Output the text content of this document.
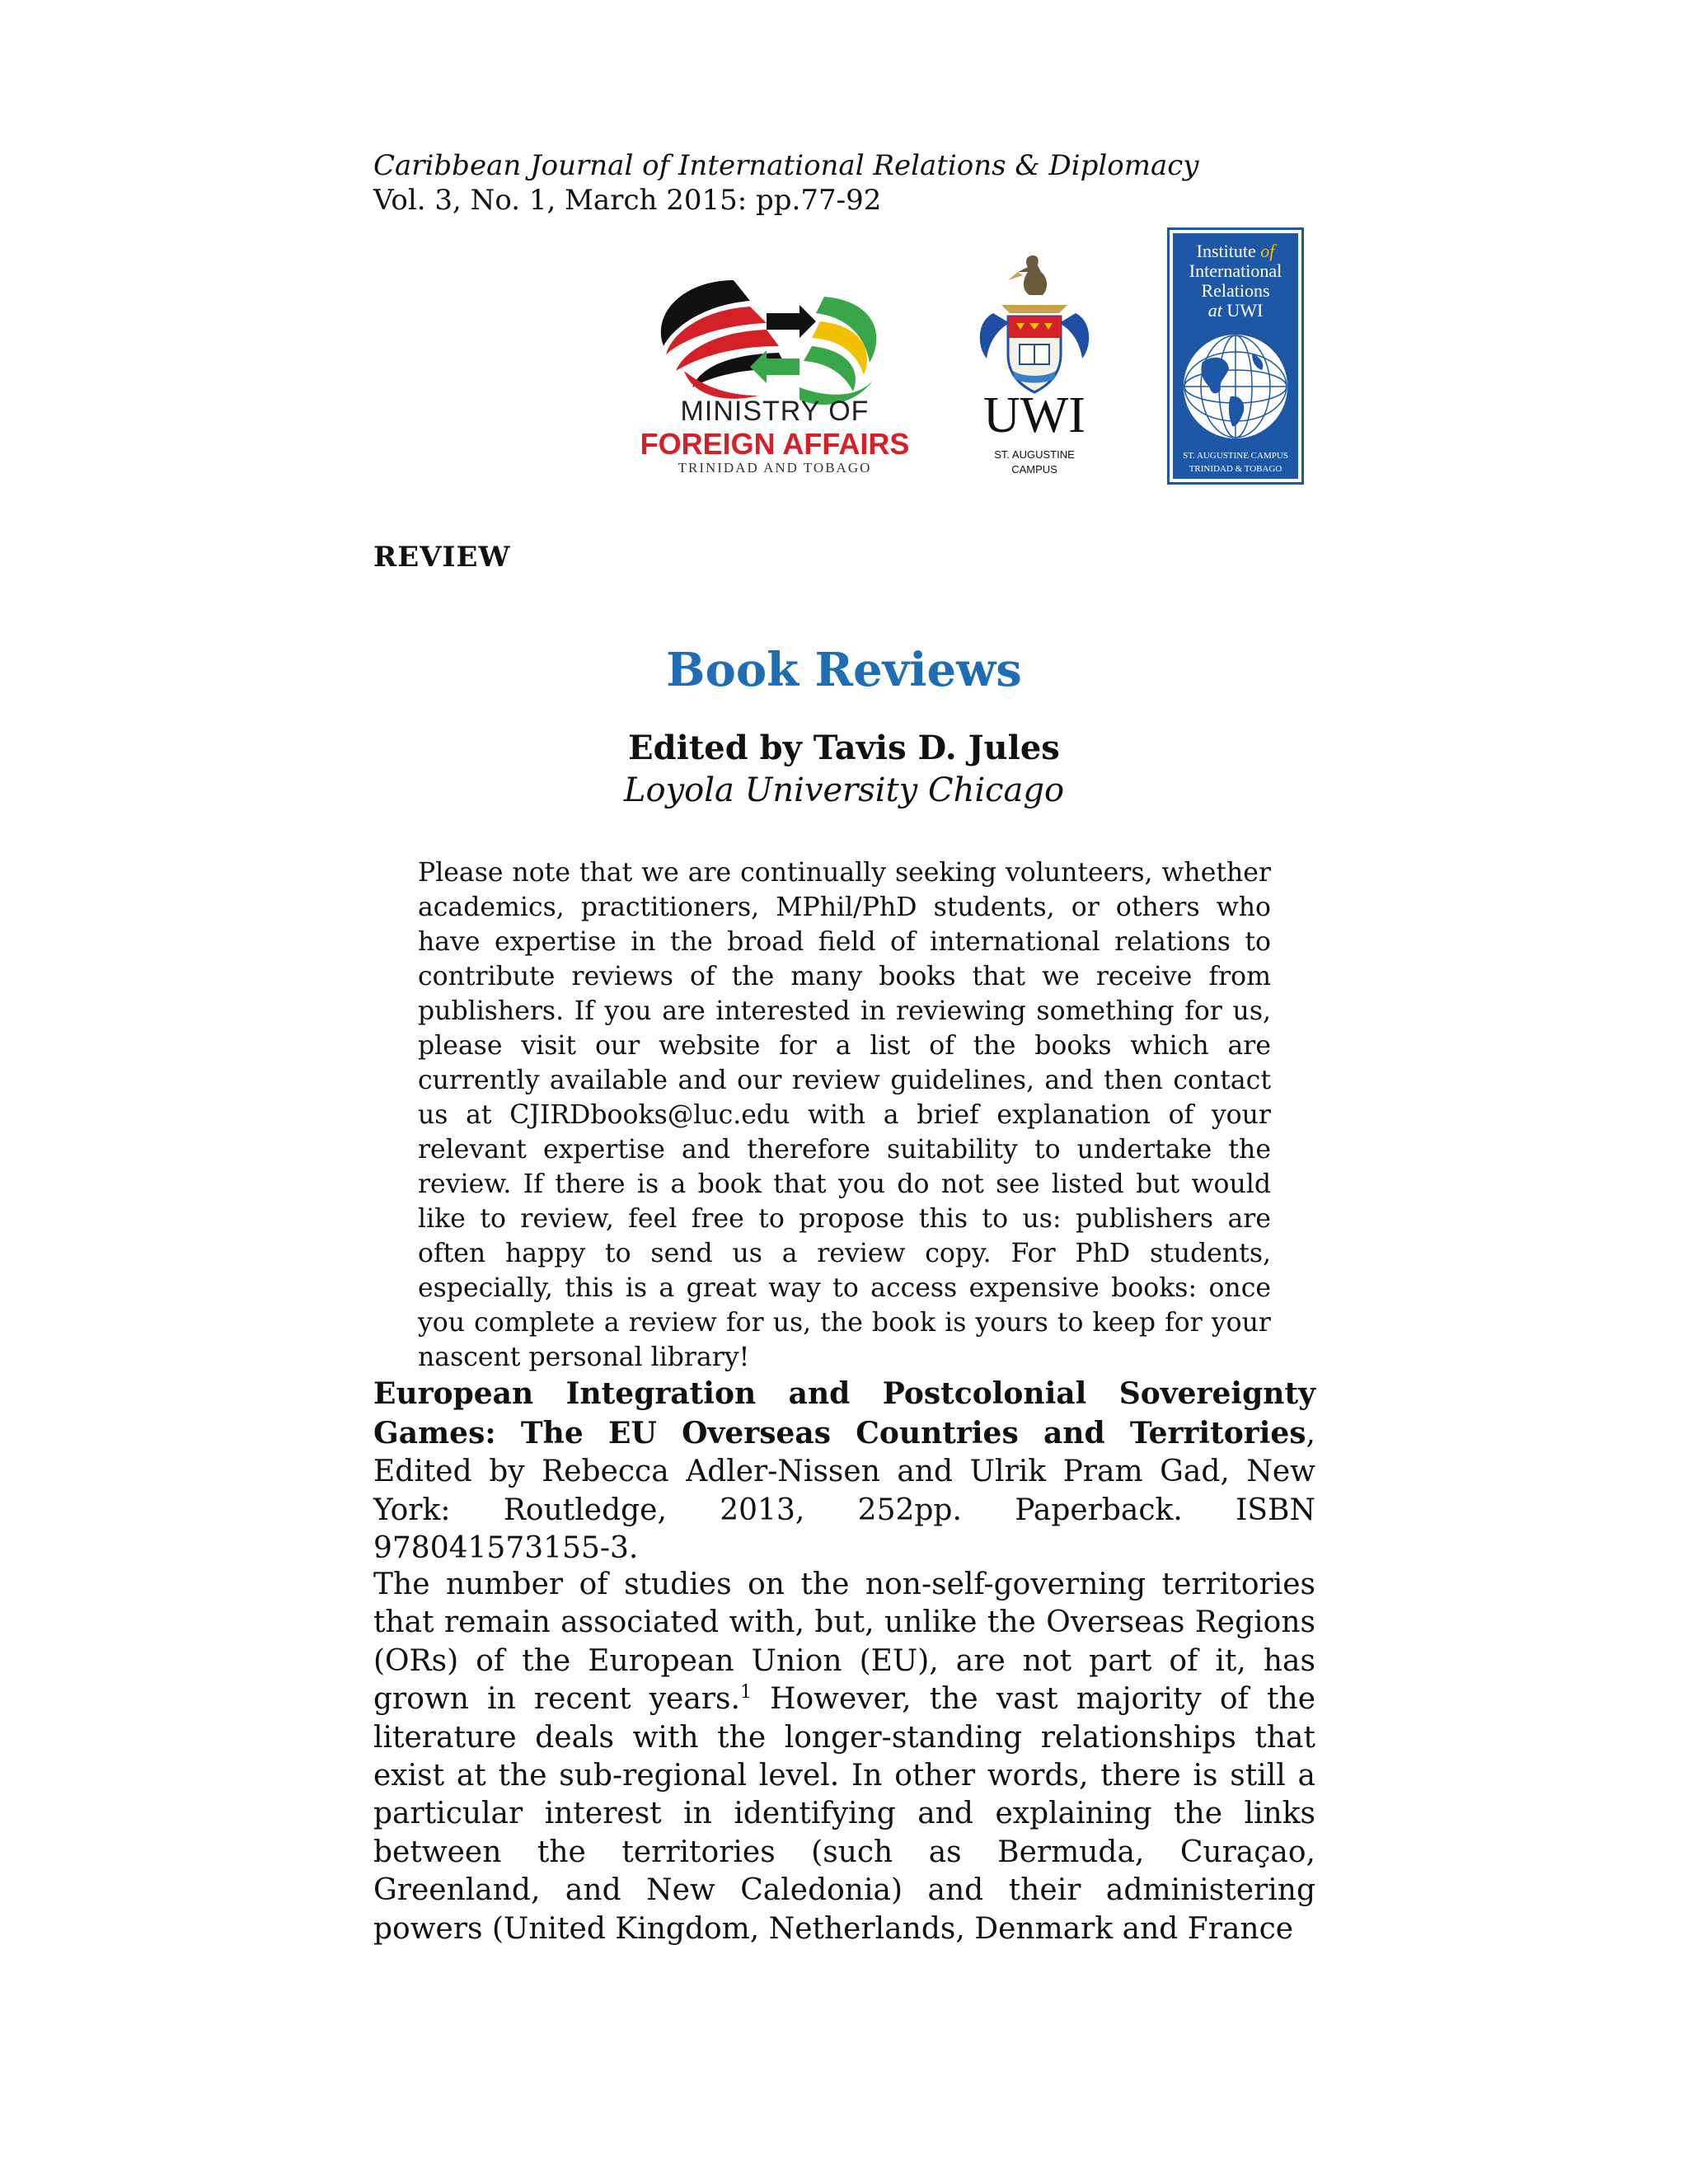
Caribbean Journal of International Relations & Diplomacy
Vol. 3, No. 1, March 2015: pp.77-92
MINISTRY OF
FOREIGN AFFAIRS
TRINIDAD AND TOBAGO
UWI
ST. AUGUSTINE
CAMPUS
Institute of
International
Relations
at UWI
ST. AUGUSTINE CAMPUS
TRINIDAD & TOBAGO
REVIEW
Book Reviews
Edited by Tavis D. Jules
Loyola University Chicago
Please note that we are continually seeking volunteers, whether academics, practitioners, MPhil/PhD students, or others who have expertise in the broad field of international relations to contribute reviews of the many books that we receive from publishers. If you are interested in reviewing something for us, please visit our website for a list of the books which are currently available and our review guidelines, and then contact us at CJIRDbooks@luc.edu with a brief explanation of your relevant expertise and therefore suitability to undertake the review. If there is a book that you do not see listed but would like to review, feel free to propose this to us: publishers are often happy to send us a review copy. For PhD students, especially, this is a great way to access expensive books: once you complete a review for us, the book is yours to keep for your nascent personal library!
European Integration and Postcolonial Sovereignty Games: The EU Overseas Countries and Territories, Edited by Rebecca Adler-Nissen and Ulrik Pram Gad, New York: Routledge, 2013, 252pp. Paperback. ISBN 978041573155-3.
The number of studies on the non-self-governing territories that remain associated with, but, unlike the Overseas Regions (ORs) of the European Union (EU), are not part of it, has grown in recent years.$^1$ However, the vast majority of the literature deals with the longer-standing relationships that exist at the sub-regional level. In other words, there is still a particular interest in identifying and explaining the links between the territories (such as Bermuda, Curaçao, Greenland, and New Caledonia) and their administering powers (United Kingdom, Netherlands, Denmark and France
